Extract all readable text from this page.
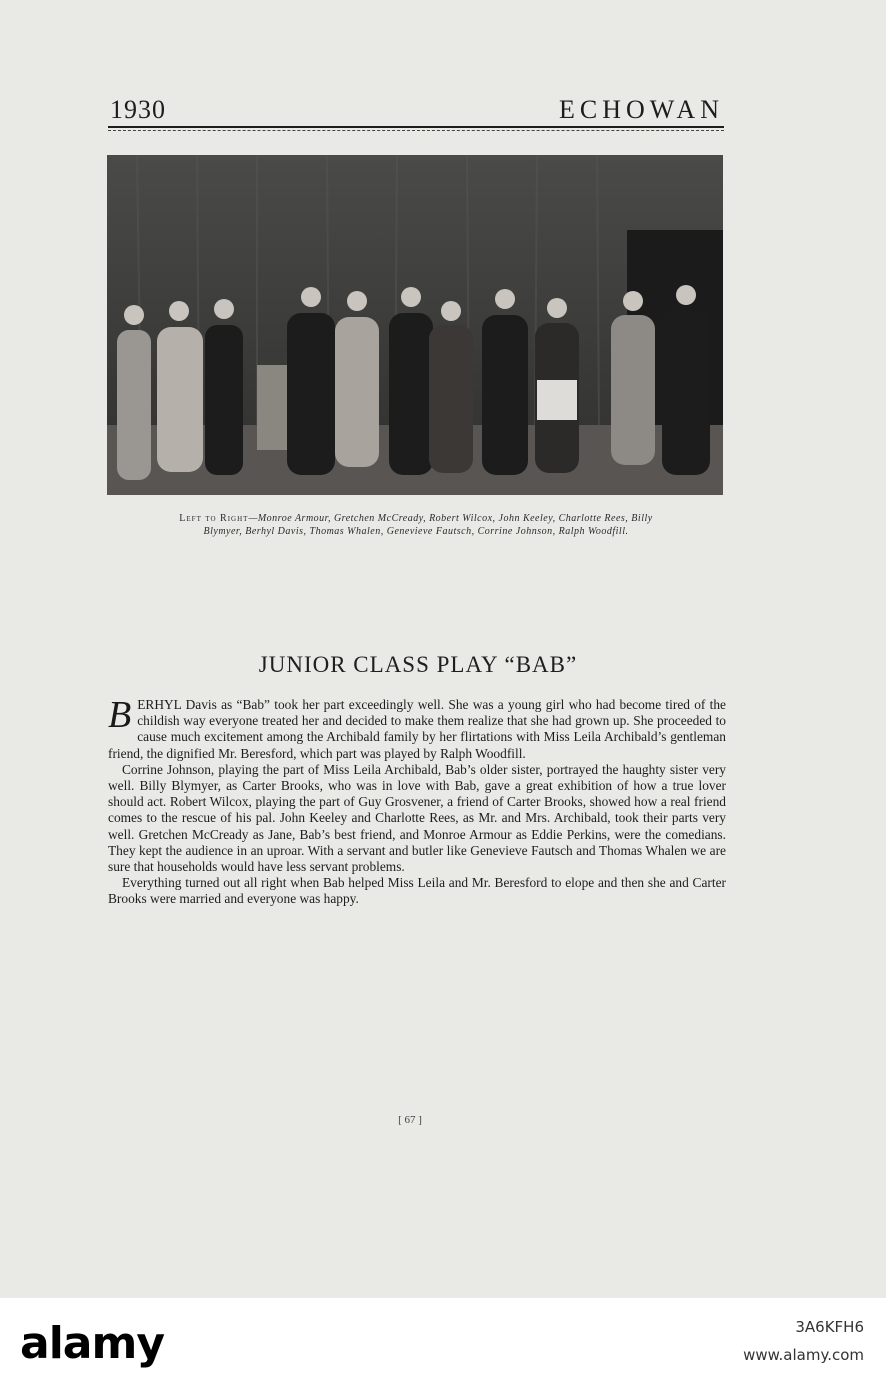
1930	ECHOWAN
Left to Right—Monroe Armour, Gretchen McCready, Robert Wilcox, John Keeley, Charlotte Rees, Billy
Blymyer, Berhyl Davis, Thomas Whalen, Genevieve Fautsch, Corrine Johnson, Ralph Woodfill.
JUNIOR CLASS PLAY “BAB”

BERHYL Davis as “Bab” took her part exceedingly well. She was a young girl who had become tired of the childish way everyone treated her and decided to make them realize that she had grown up. She proceeded to cause much excitement among the Archibald family by her flirtations with Miss Leila Archibald’s gentleman friend, the dignified Mr. Beresford, which part was played by Ralph Woodfill.

Corrine Johnson, playing the part of Miss Leila Archibald, Bab’s older sister, portrayed the haughty sister very well. Billy Blymyer, as Carter Brooks, who was in love with Bab, gave a great exhibition of how a true lover should act. Robert Wilcox, playing the part of Guy Grosvener, a friend of Carter Brooks, showed how a real friend comes to the rescue of his pal. John Keeley and Charlotte Rees, as Mr. and Mrs. Archibald, took their parts very well. Gretchen McCready as Jane, Bab’s best friend, and Monroe Armour as Eddie Perkins, were the comedians. They kept the audience in an uproar. With a servant and butler like Genevieve Fautsch and Thomas Whalen we are sure that households would have less servant problems.

Everything turned out all right when Bab helped Miss Leila and Mr. Beresford to elope and then she and Carter Brooks were married and everyone was happy.

[ 67 ]
alamy	3A6KFH6
www.alamy.com
